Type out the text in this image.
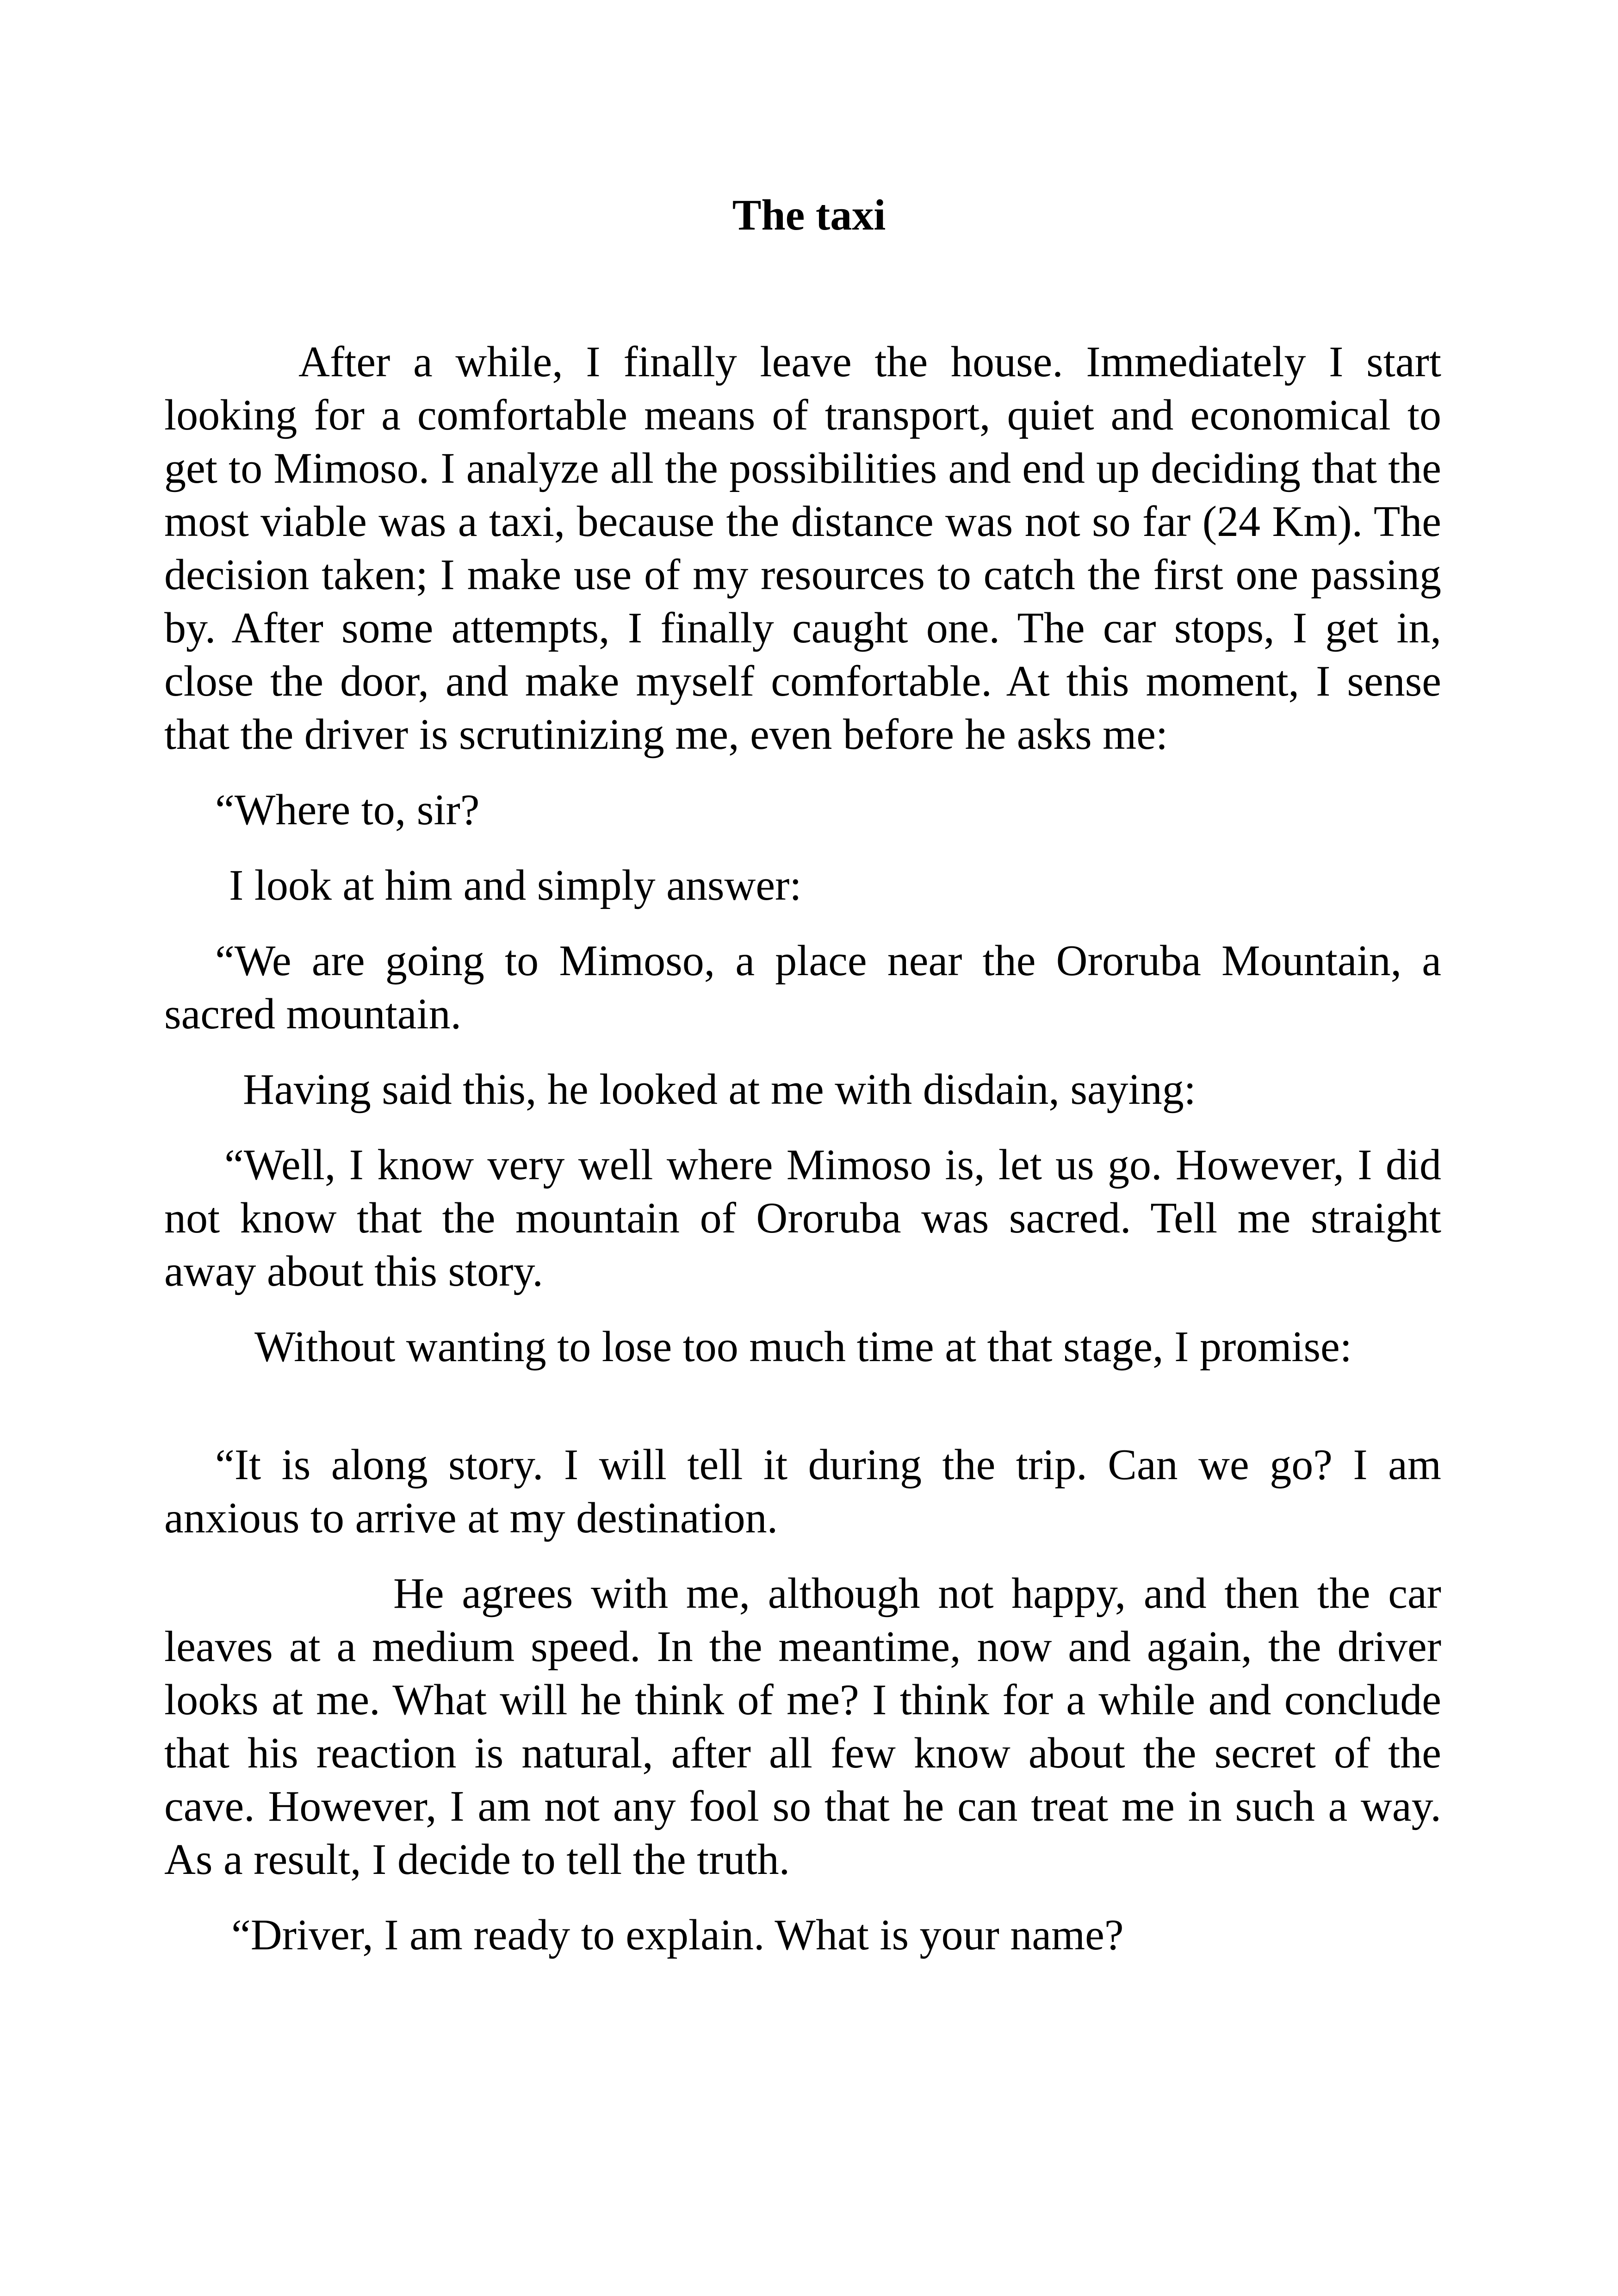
The taxi

After a while, I finally leave the house. Immediately I start looking for a comfortable means of transport, quiet and economical to get to Mimoso. I analyze all the possibilities and end up deciding that the most viable was a taxi, because the distance was not so far (24 Km). The decision taken; I make use of my resources to catch the first one passing by. After some attempts, I finally caught one. The car stops, I get in, close the door, and make myself comfortable. At this moment, I sense that the driver is scrutinizing me, even before he asks me:

“Where to, sir?

I look at him and simply answer:

“We are going to Mimoso, a place near the Ororuba Mountain, a sacred mountain.

Having said this, he looked at me with disdain, saying:

“Well, I know very well where Mimoso is, let us go. However, I did not know that the mountain of Ororuba was sacred. Tell me straight away about this story.

Without wanting to lose too much time at that stage, I promise:

“It is along story. I will tell it during the trip. Can we go? I am anxious to arrive at my destination.

He agrees with me, although not happy, and then the car leaves at a medium speed. In the meantime, now and again, the driver looks at me. What will he think of me? I think for a while and conclude that his reaction is natural, after all few know about the secret of the cave. However, I am not any fool so that he can treat me in such a way. As a result, I decide to tell the truth.

“Driver, I am ready to explain. What is your name?
